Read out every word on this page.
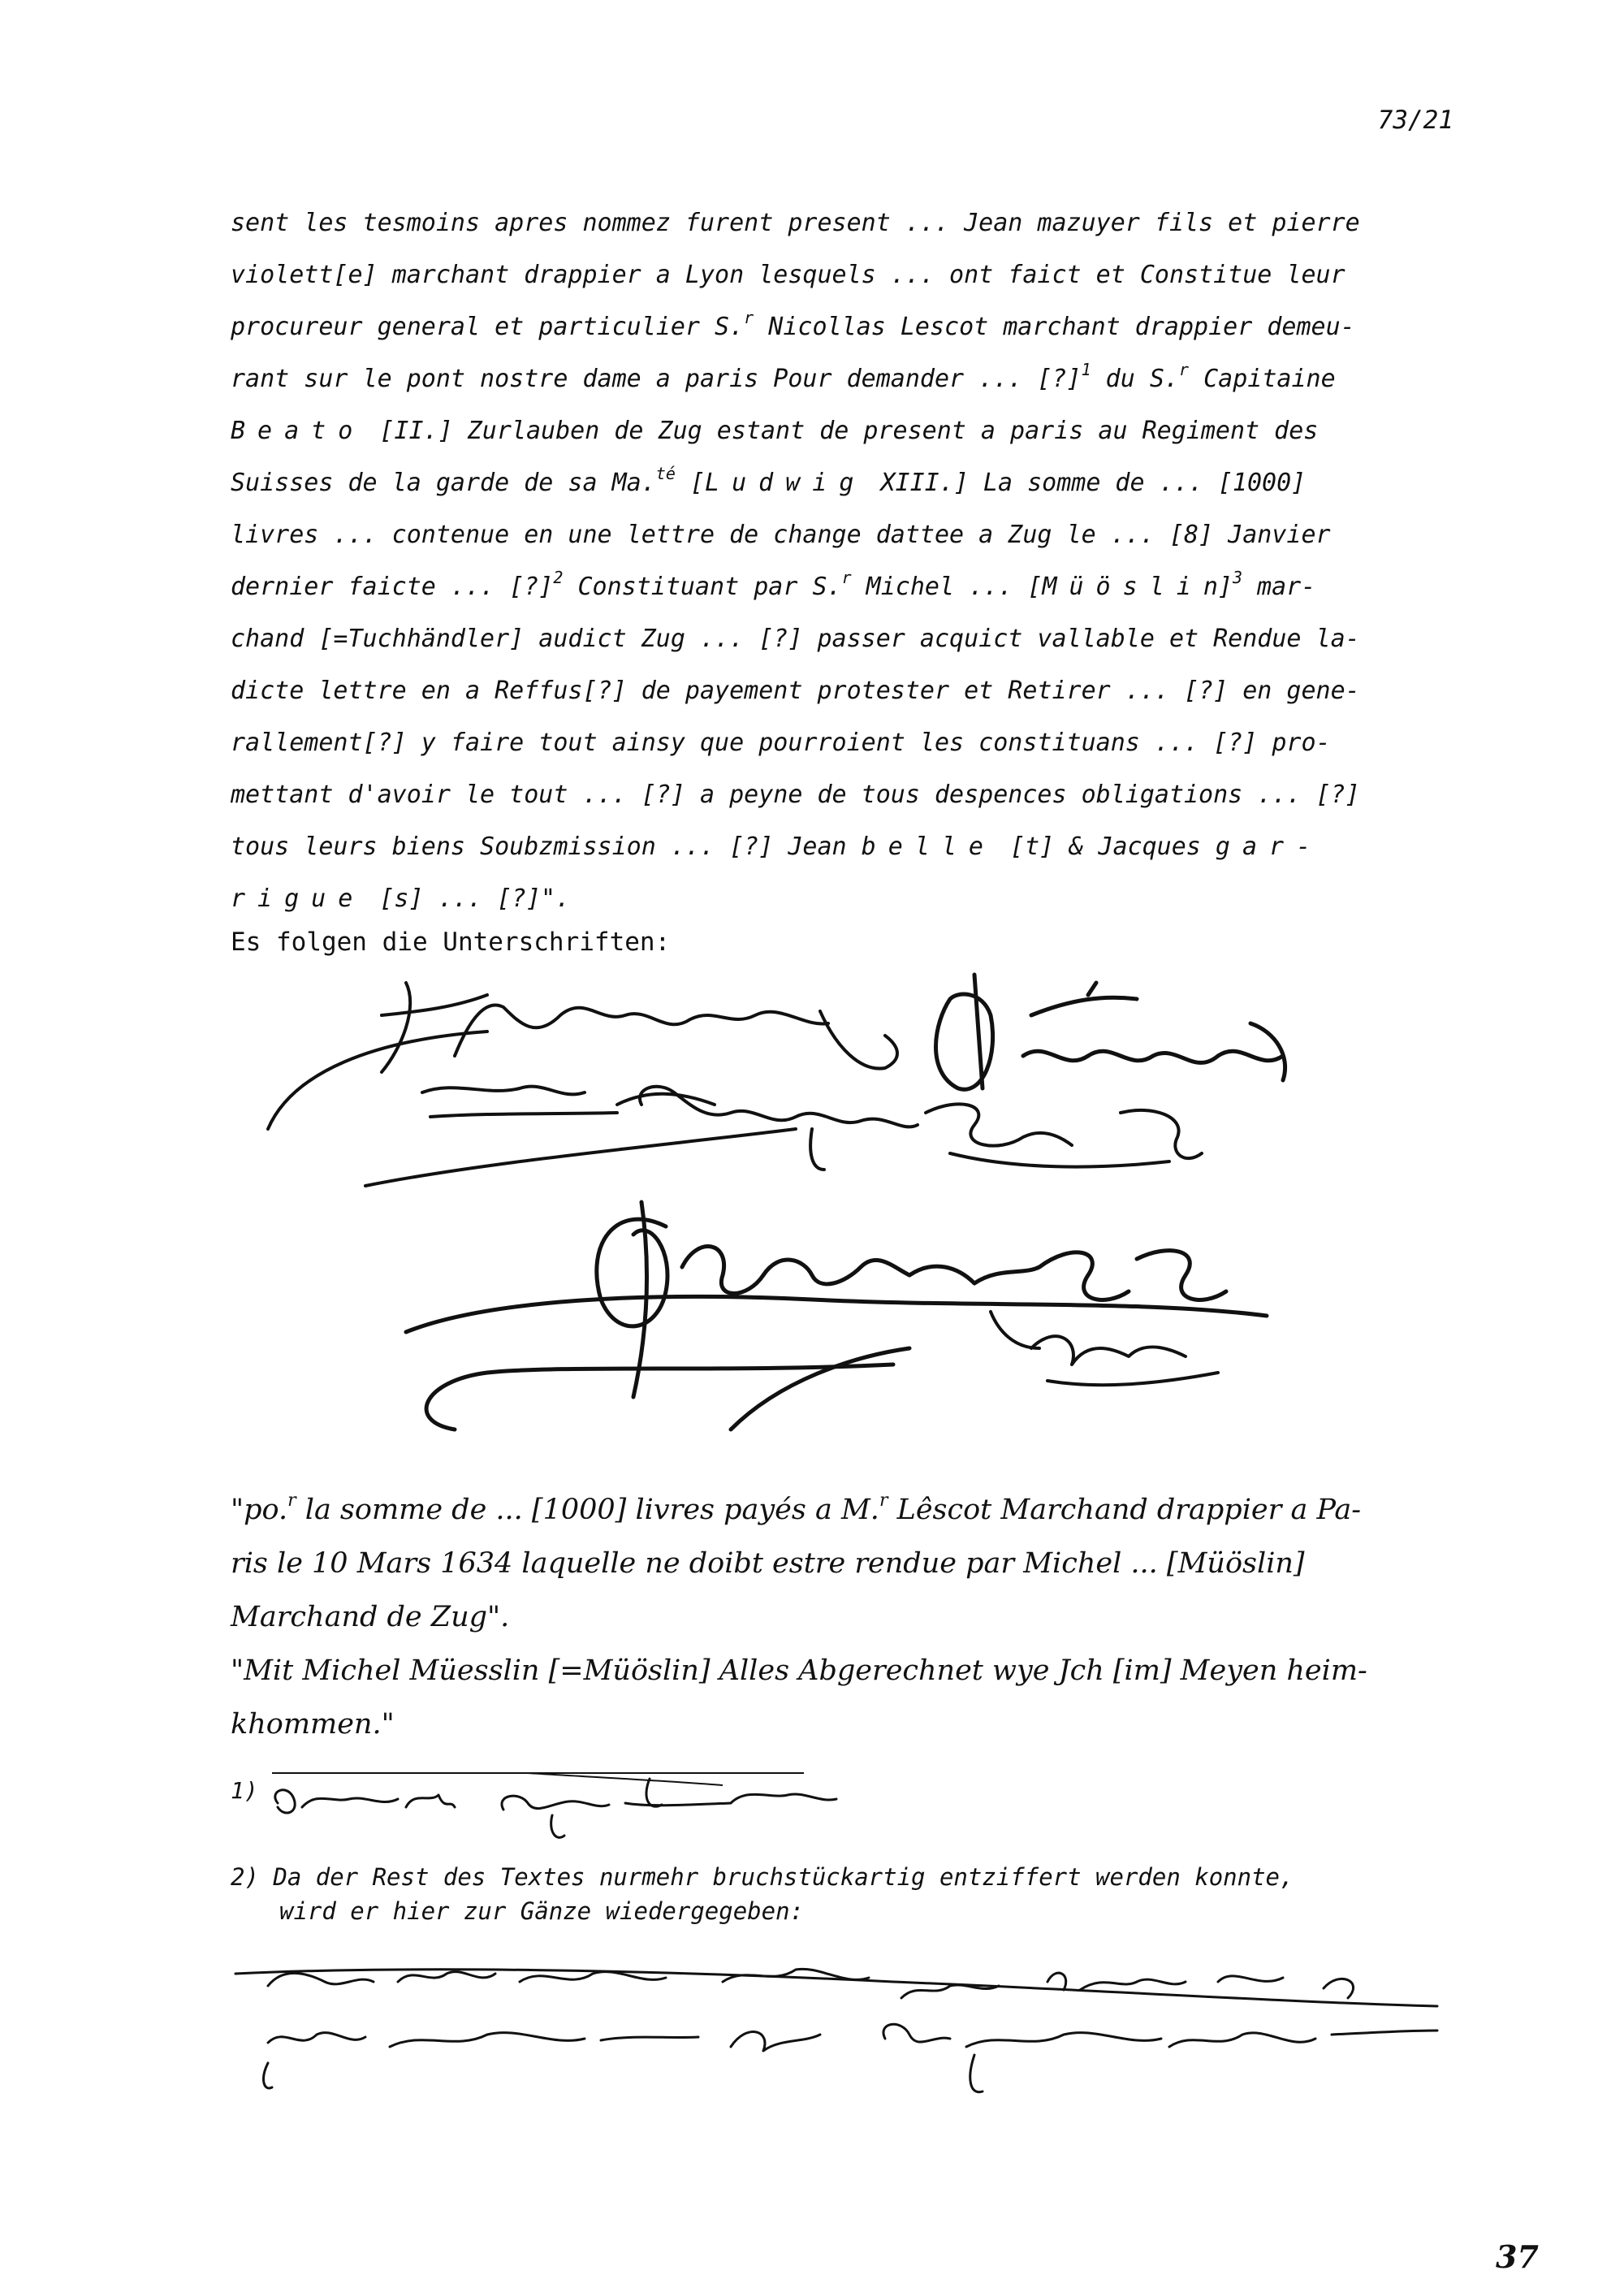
73/21
sent les tesmoins apres nommez furent present ... Jean mazuyer fils et pierre
violett[e] marchant drappier a Lyon lesquels ... ont faict et Constitue leur
procureur general et particulier S.$^r$ Nicollas Lescot marchant drappier demeu-
rant sur le pont nostre dame a paris Pour demander ... [?]$^1$ du S.$^r$ Capitaine
Beato [II.] Zurlauben de Zug estant de present a paris au Regiment des
Suisses de la garde de sa Ma.$^{té}$ [Ludwig XIII.] La somme de ... [1000]
livres ... contenue en une lettre de change dattee a Zug le ... [8] Janvier
dernier faicte ... [?]$^2$ Constituant par S.$^r$ Michel ... [Müöslin]$^3$ mar-
chand [=Tuchhändler] audict Zug ... [?] passer acquict vallable et Rendue la-
dicte lettre en a Reffus[?] de payement protester et Retirer ... [?] en gene-
rallement[?] y faire tout ainsy que pourroient les constituans ... [?] pro-
mettant d'avoir le tout ... [?] a peyne de tous despences obligations ... [?]
tous leurs biens Soubzmission ... [?] Jean belle [t] & Jacques gar-
rigue [s] ... [?]".
Es folgen die Unterschriften:
"po.$^r$ la somme de ... [1000] livres payés a M.$^r$ Lêscot Marchand drappier a Pa-
ris le 10 Mars 1634 laquelle ne doibt estre rendue par Michel ... [Müöslin]
Marchand de Zug".
"Mit Michel Müesslin [=Müöslin] Alles Abgerechnet wye Jch [im] Meyen heim-
khommen."
1)
2) Da der Rest des Textes nurmehr bruchstückartig entziffert werden konnte,
wird er hier zur Gänze wiedergegeben:
37
